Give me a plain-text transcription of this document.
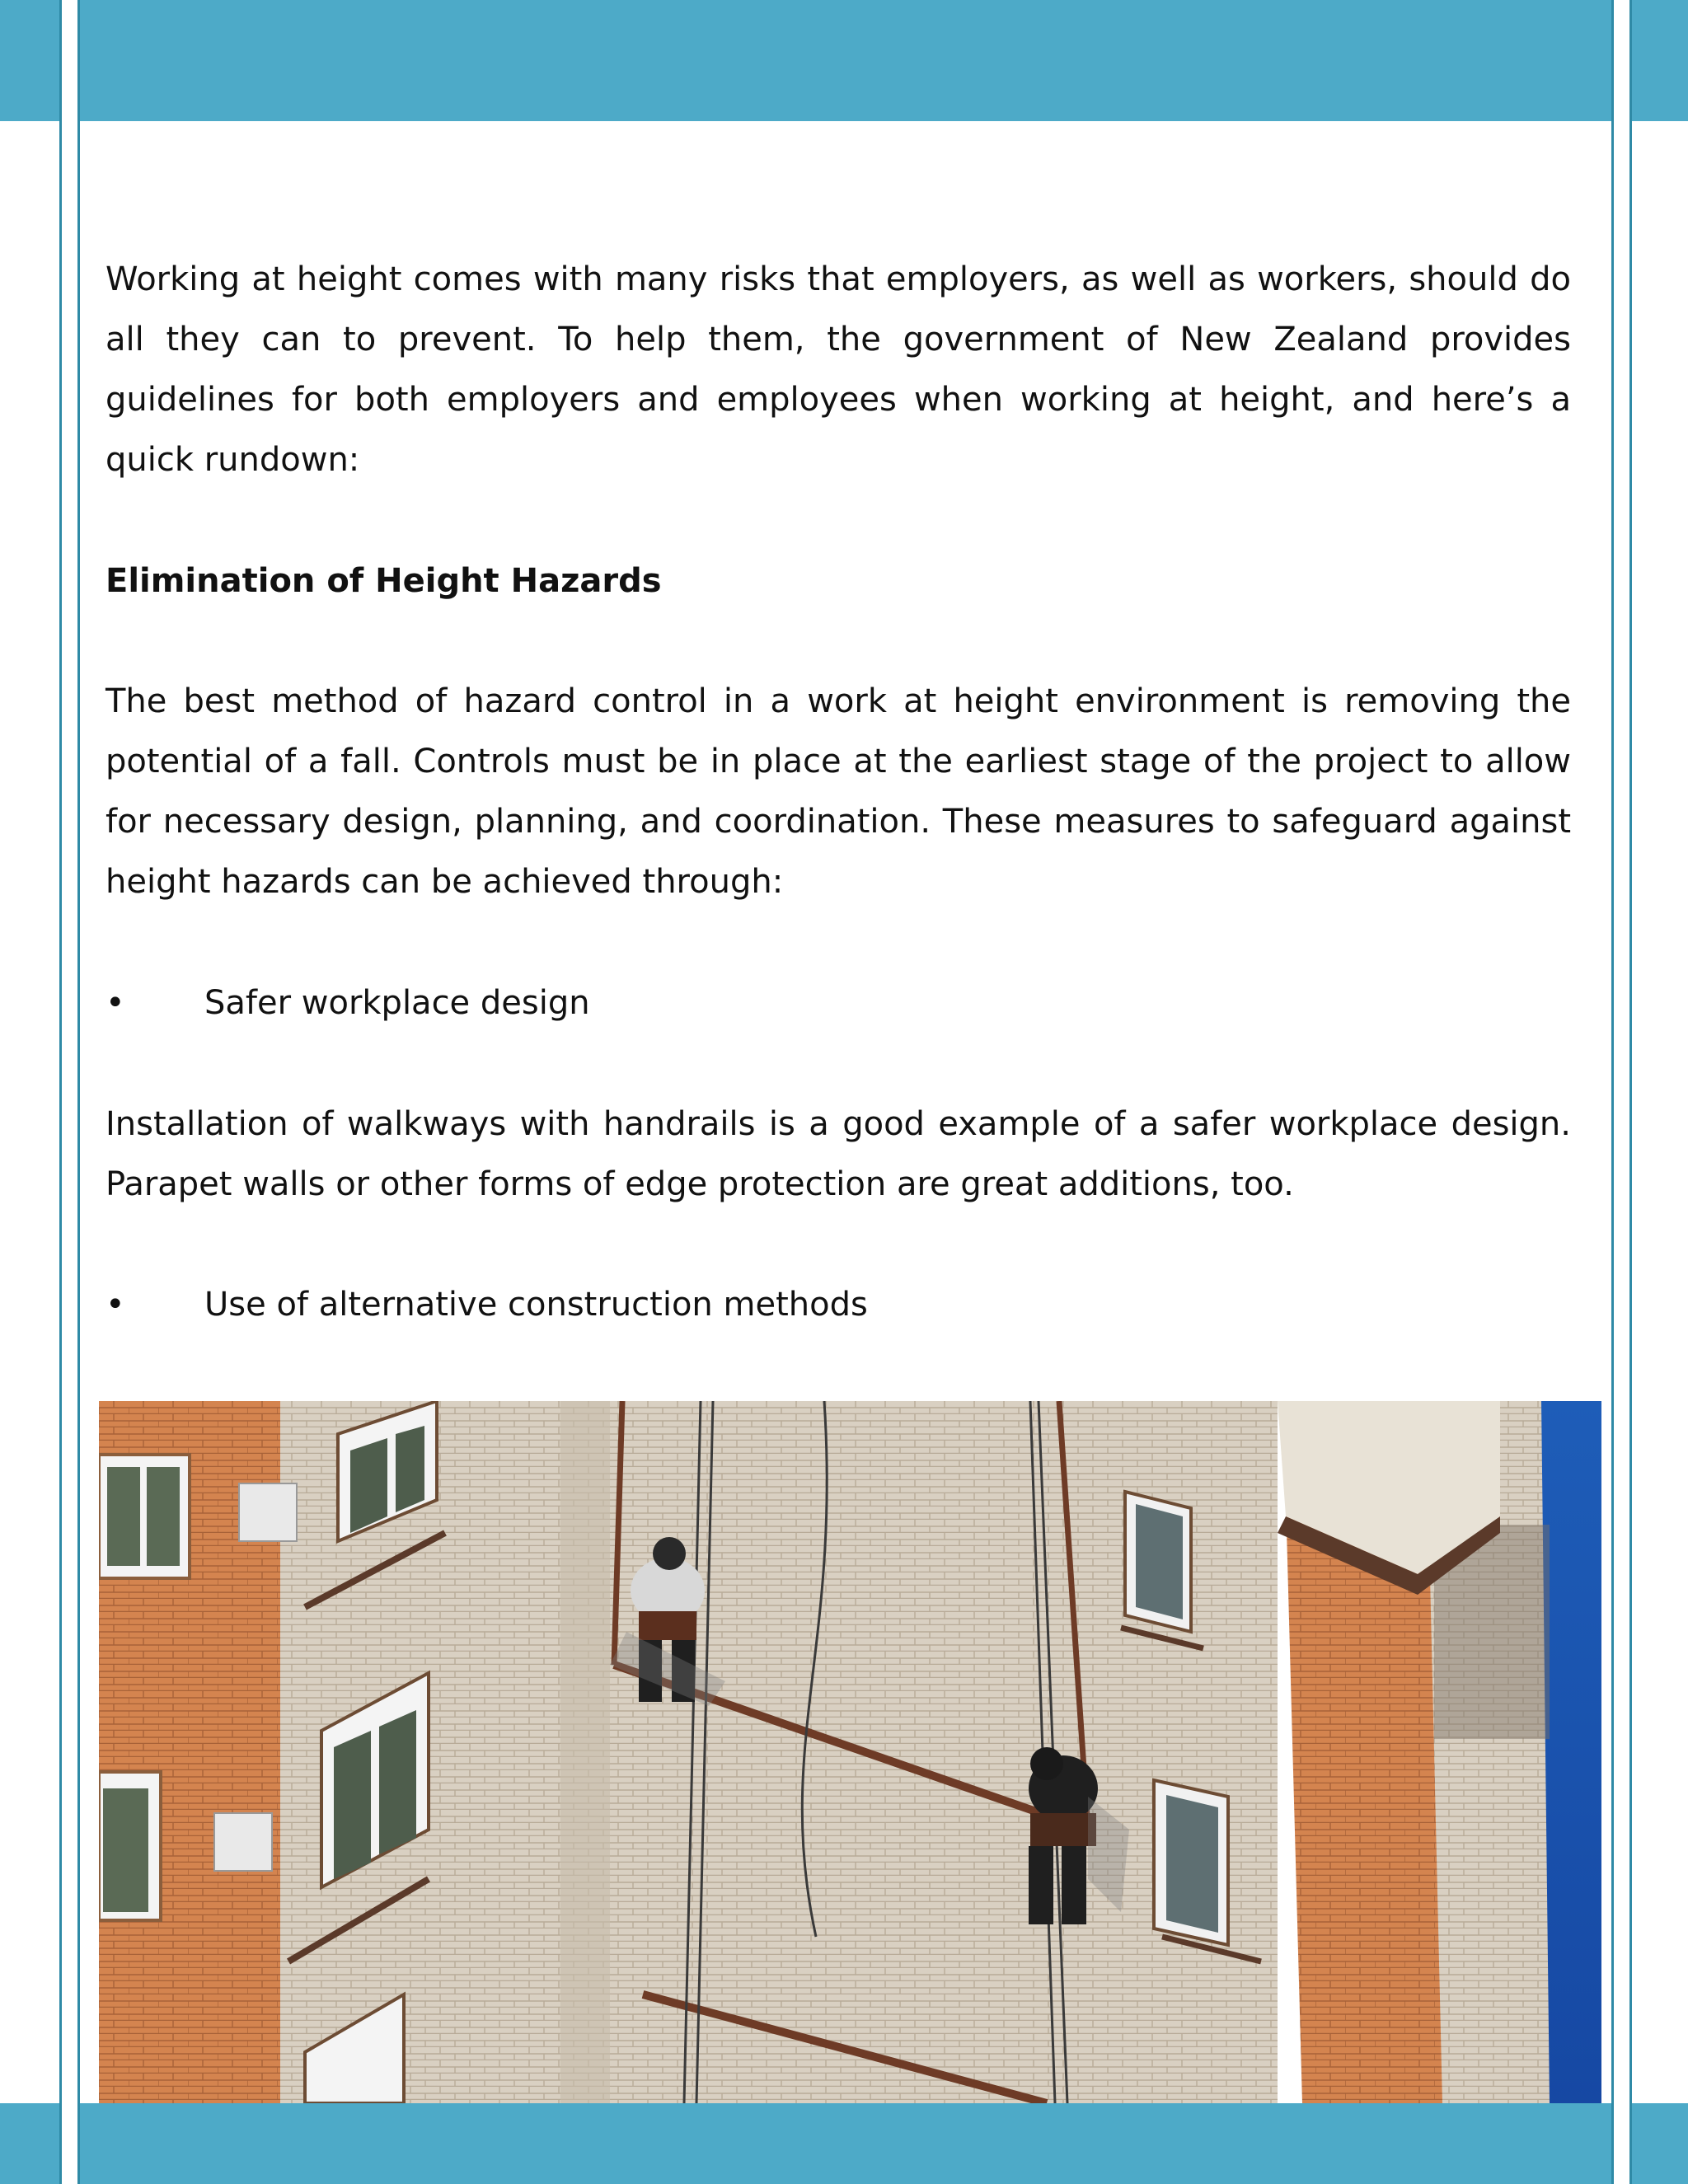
Working at height comes with many risks that employers, as well as workers, should do all they can to prevent. To help them, the government of New Zealand provides guidelines for both employers and employees when working at height, and here’s a quick rundown:

Elimination of Height Hazards

The best method of hazard control in a work at height environment is removing the potential of a fall. Controls must be in place at the earliest stage of the project to allow for necessary design, planning, and coordination. These measures to safeguard against height hazards can be achieved through:

• Safer workplace design

Installation of walkways with handrails is a good example of a safer workplace design. Parapet walls or other forms of edge protection are great additions, too.

• Use of alternative construction methods
